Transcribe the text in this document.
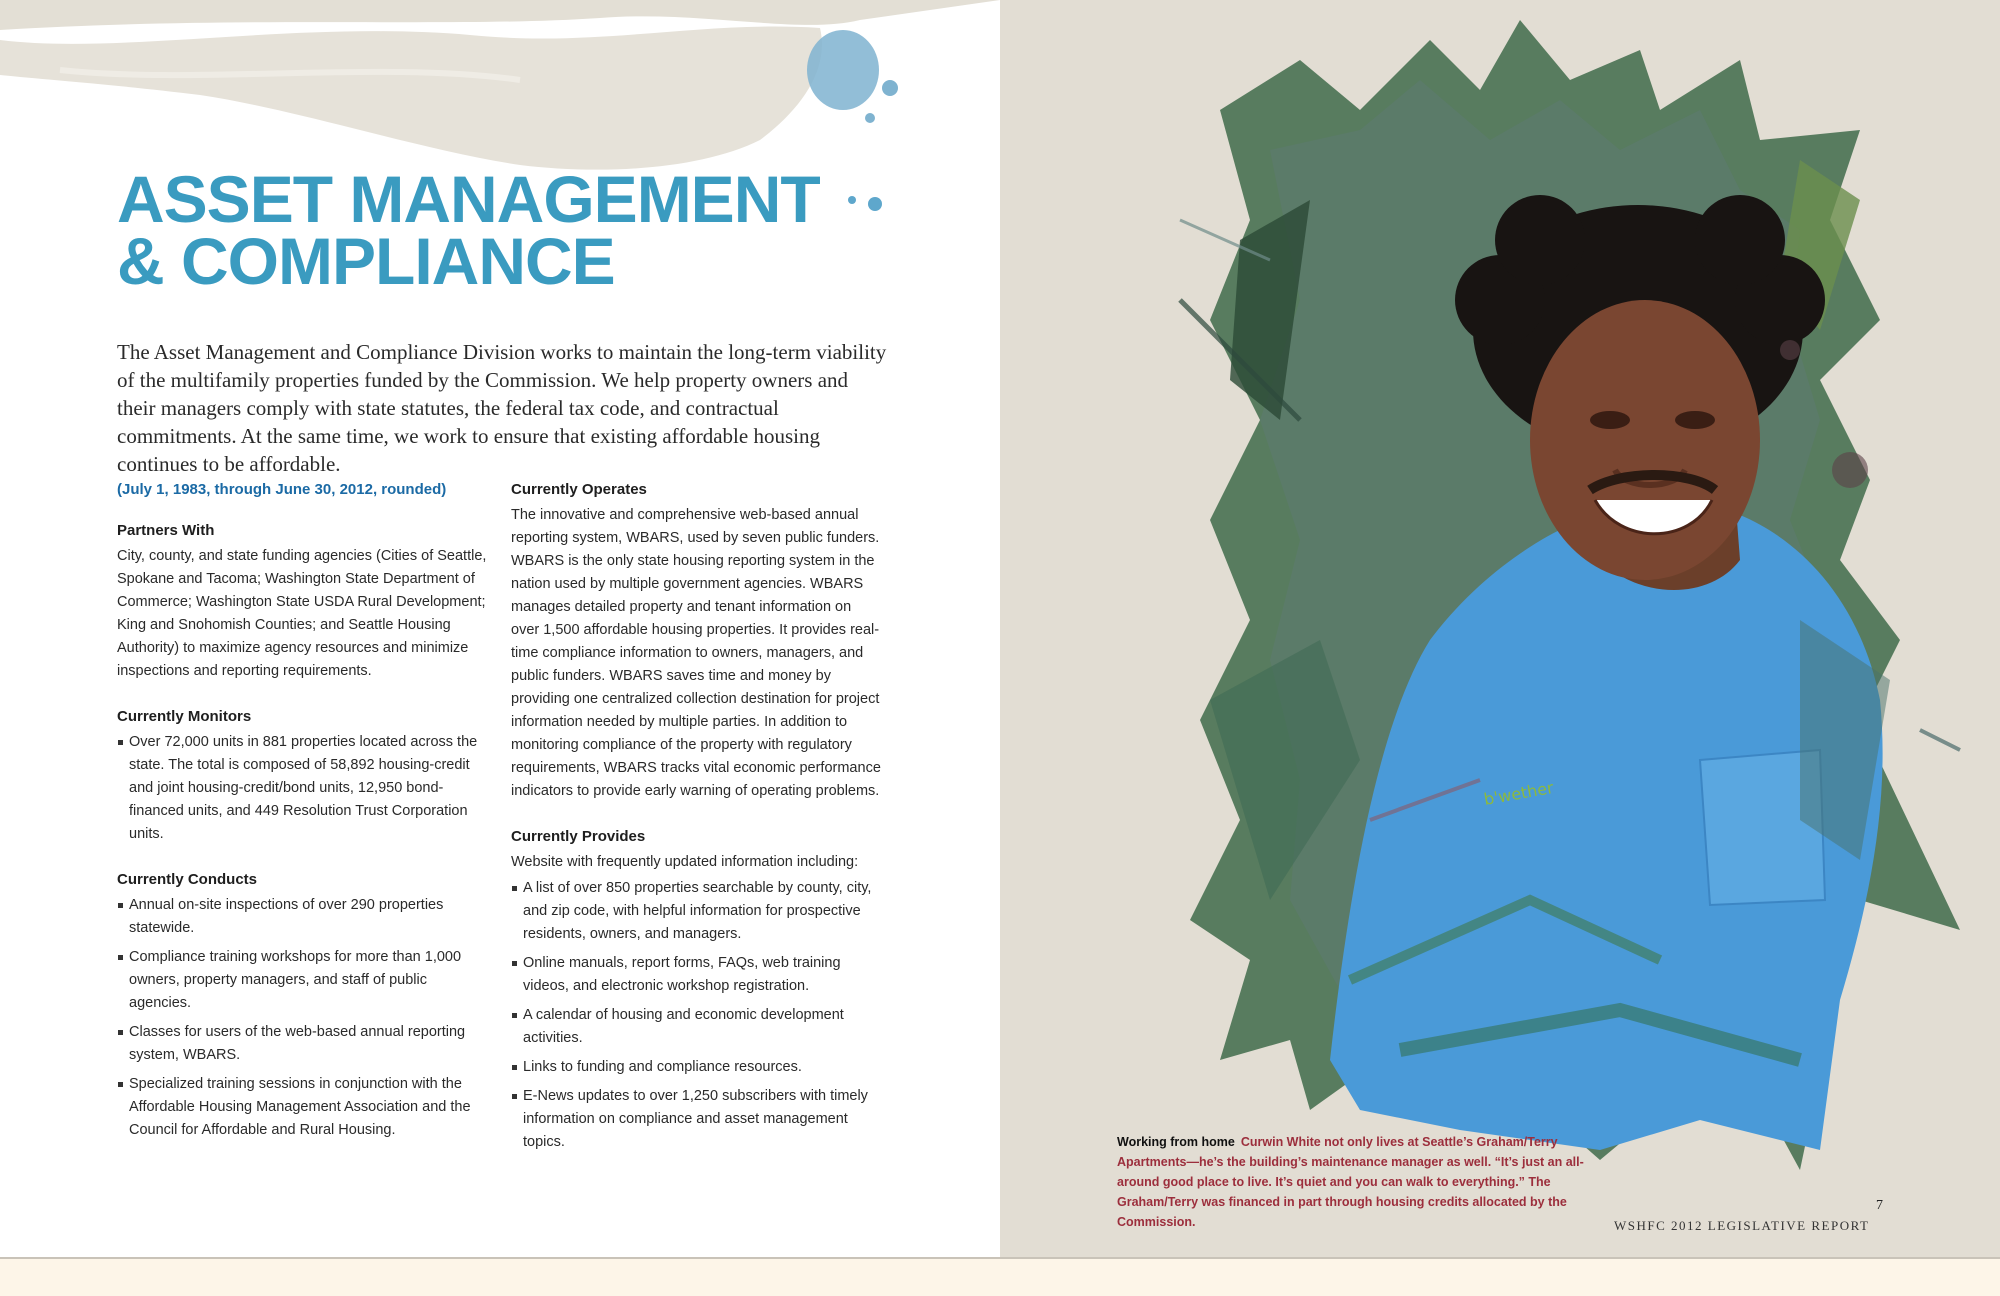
ASSET MANAGEMENT
& COMPLIANCE

The Asset Management and Compliance Division works to maintain the long-term viability of the multifamily properties funded by the Commission. We help property owners and their managers comply with state statutes, the federal tax code, and contractual commitments. At the same time, we work to ensure that existing affordable housing continues to be affordable.

(July 1, 1983, through June 30, 2012, rounded)

Partners With

City, county, and state funding agencies (Cities of Seattle, Spokane and Tacoma; Washington State Department of Commerce; Washington State USDA Rural Development; King and Snohomish Counties; and Seattle Housing Authority) to maximize agency resources and minimize inspections and reporting requirements.

Currently Monitors

Over 72,000 units in 881 properties located across the state. The total is composed of 58,892 housing-credit and joint housing-credit/bond units, 12,950 bond-financed units, and 449 Resolution Trust Corporation units.

Currently Conducts

Annual on-site inspections of over 290 properties statewide.
Compliance training workshops for more than 1,000 owners, property managers, and staff of public agencies.
Classes for users of the web-based annual reporting system, WBARS.
Specialized training sessions in conjunction with the Affordable Housing Management Association and the Council for Affordable and Rural Housing.

Currently Operates

The innovative and comprehensive web-based annual reporting system, WBARS, used by seven public funders. WBARS is the only state housing reporting system in the nation used by multiple government agencies. WBARS manages detailed property and tenant information on over 1,500 affordable housing properties. It provides real-time compliance information to owners, managers, and public funders. WBARS saves time and money by providing one centralized collection destination for project information needed by multiple parties. In addition to monitoring compliance of the property with regulatory requirements, WBARS tracks vital economic performance indicators to provide early warning of operating problems.

Currently Provides

Website with frequently updated information including:

A list of over 850 properties searchable by county, city, and zip code, with helpful information for prospective residents, owners, and managers.
Online manuals, report forms, FAQs, web training videos, and electronic workshop registration.
A calendar of housing and economic development activities.
Links to funding and compliance resources.
E-News updates to over 1,250 subscribers with timely information on compliance and asset management topics.
b'wether

Working from home Curwin White not only lives at Seattle’s Graham/Terry Apartments—he’s the building’s maintenance manager as well. “It’s just an all-around good place to live. It’s quiet and you can walk to everything.” The Graham/Terry was financed in part through housing credits allocated by the Commission.

7
WSHFC 2012 LEGISLATIVE REPORT
